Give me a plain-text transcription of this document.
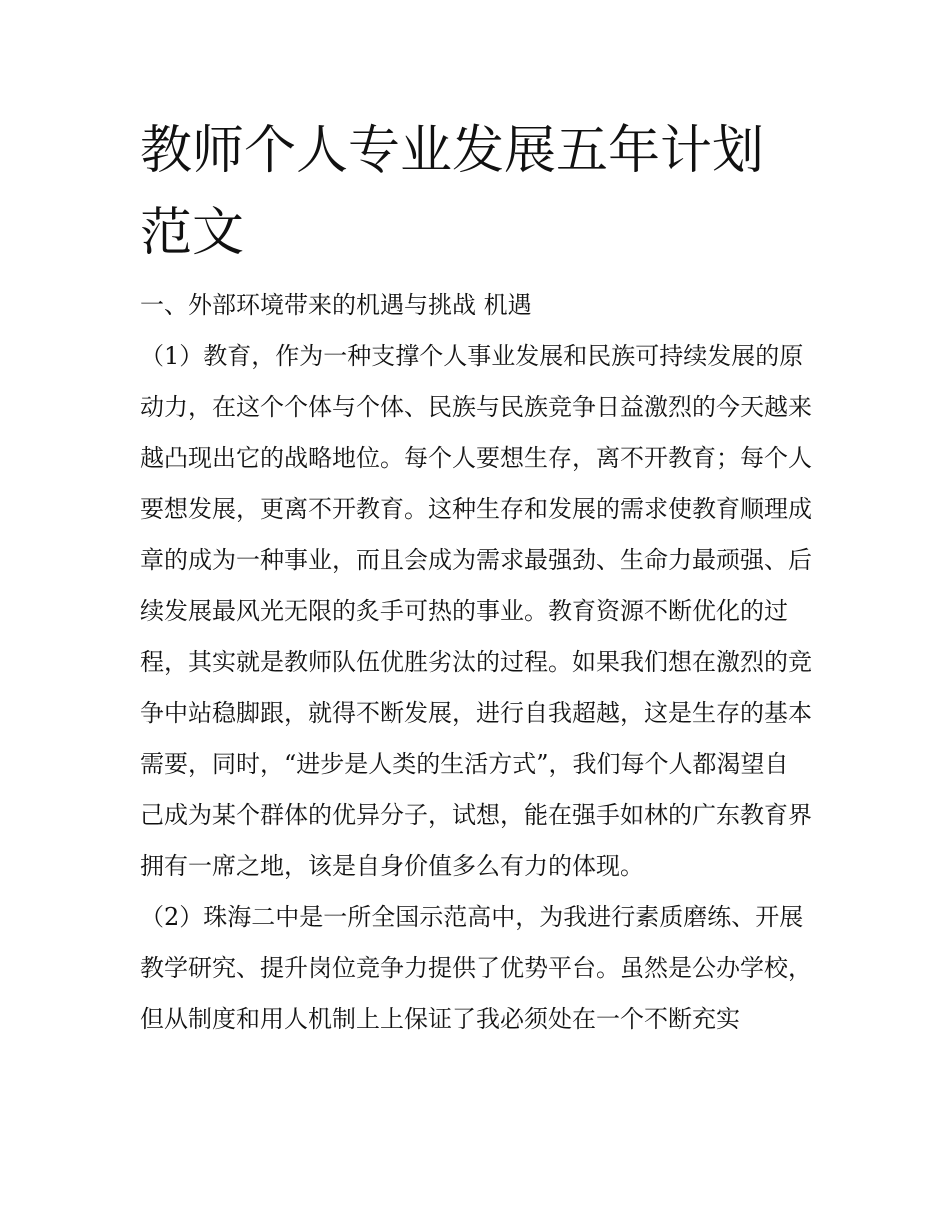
教师个人专业发展五年计划范文

一、外部环境带来的机遇与挑战 机遇

（1）教育，作为一种支撑个人事业发展和民族可持续发展的原动力，在这个个体与个体、民族与民族竞争日益激烈的今天越来越凸现出它的战略地位。每个人要想生存，离不开教育；每个人要想发展，更离不开教育。这种生存和发展的需求使教育顺理成章的成为一种事业，而且会成为需求最强劲、生命力最顽强、后续发展最风光无限的炙手可热的事业。教育资源不断优化的过程，其实就是教师队伍优胜劣汰的过程。如果我们想在激烈的竞争中站稳脚跟，就得不断发展，进行自我超越，这是生存的基本需要，同时，“进步是人类的生活方式”，我们每个人都渴望自己成为某个群体的优异分子，试想，能在强手如林的广东教育界拥有一席之地，该是自身价值多么有力的体现。

（2）珠海二中是一所全国示范高中，为我进行素质磨练、开展教学研究、提升岗位竞争力提供了优势平台。虽然是公办学校，但从制度和用人机制上上保证了我必须处在一个不断充实
